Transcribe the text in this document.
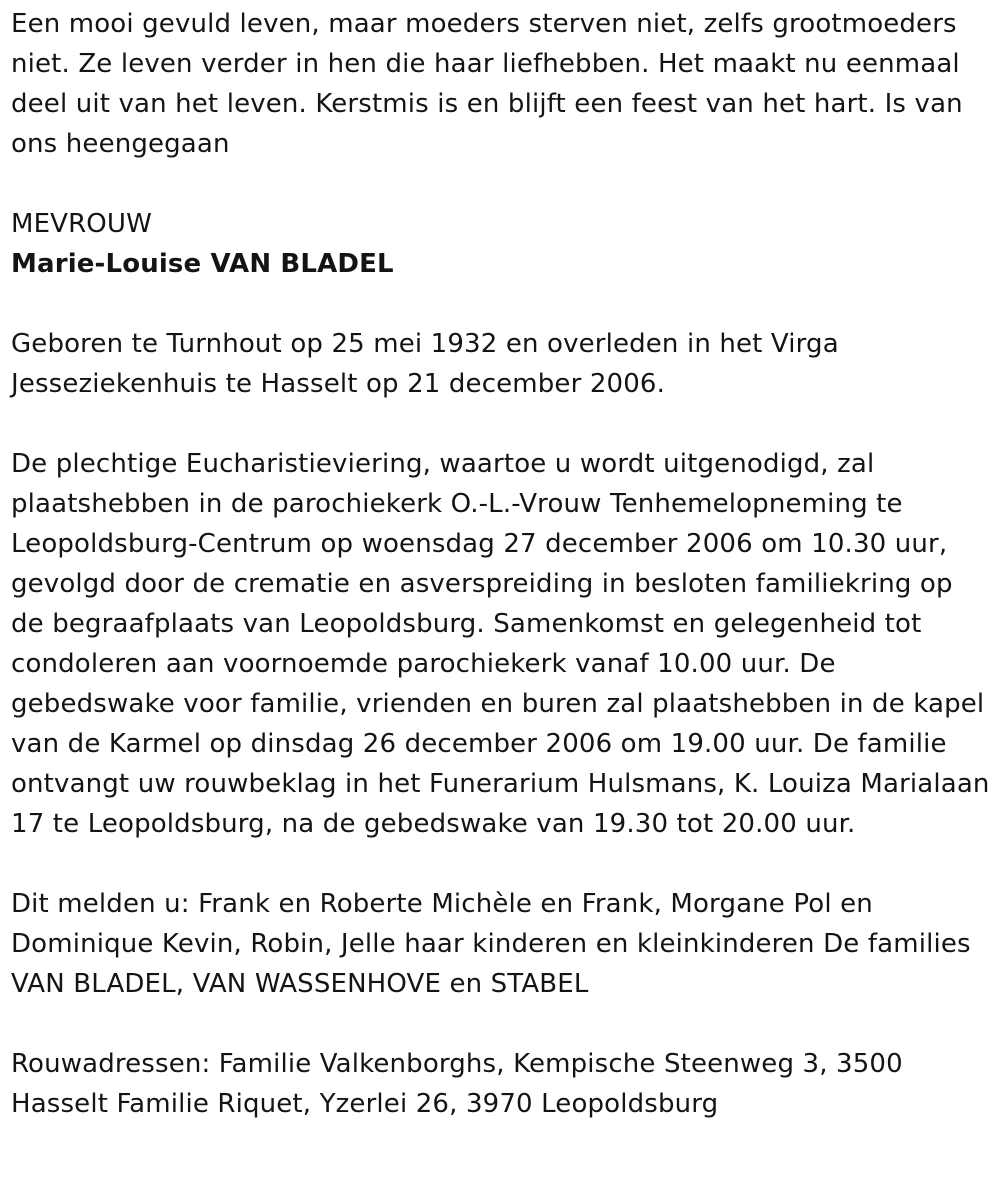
Een mooi gevuld leven, maar moeders sterven niet, zelfs grootmoeders niet. Ze leven verder in hen die haar liefhebben. Het maakt nu eenmaal deel uit van het leven. Kerstmis is en blijft een feest van het hart. Is van ons heengegaan

MEVROUW

Marie-Louise VAN BLADEL

Geboren te Turnhout op 25 mei 1932 en overleden in het Virga Jesseziekenhuis te Hasselt op 21 december 2006.

De plechtige Eucharistieviering, waartoe u wordt uitgenodigd, zal plaatshebben in de parochiekerk O.-L.-Vrouw Tenhemelopneming te Leopoldsburg-Centrum op woensdag 27 december 2006 om 10.30 uur, gevolgd door de crematie en asverspreiding in besloten familiekring op de begraafplaats van Leopoldsburg. Samenkomst en gelegenheid tot condoleren aan voornoemde parochiekerk vanaf 10.00 uur. De gebedswake voor familie, vrienden en buren zal plaatshebben in de kapel van de Karmel op dinsdag 26 december 2006 om 19.00 uur. De familie ontvangt uw rouwbeklag in het Funerarium Hulsmans, K. Louiza Marialaan 17 te Leopoldsburg, na de gebedswake van 19.30 tot 20.00 uur.

Dit melden u: Frank en Roberte Michèle en Frank, Morgane Pol en Dominique Kevin, Robin, Jelle haar kinderen en kleinkinderen De families VAN BLADEL, VAN WASSENHOVE en STABEL

Rouwadressen: Familie Valkenborghs, Kempische Steenweg 3, 3500 Hasselt Familie Riquet, Yzerlei 26, 3970 Leopoldsburg
